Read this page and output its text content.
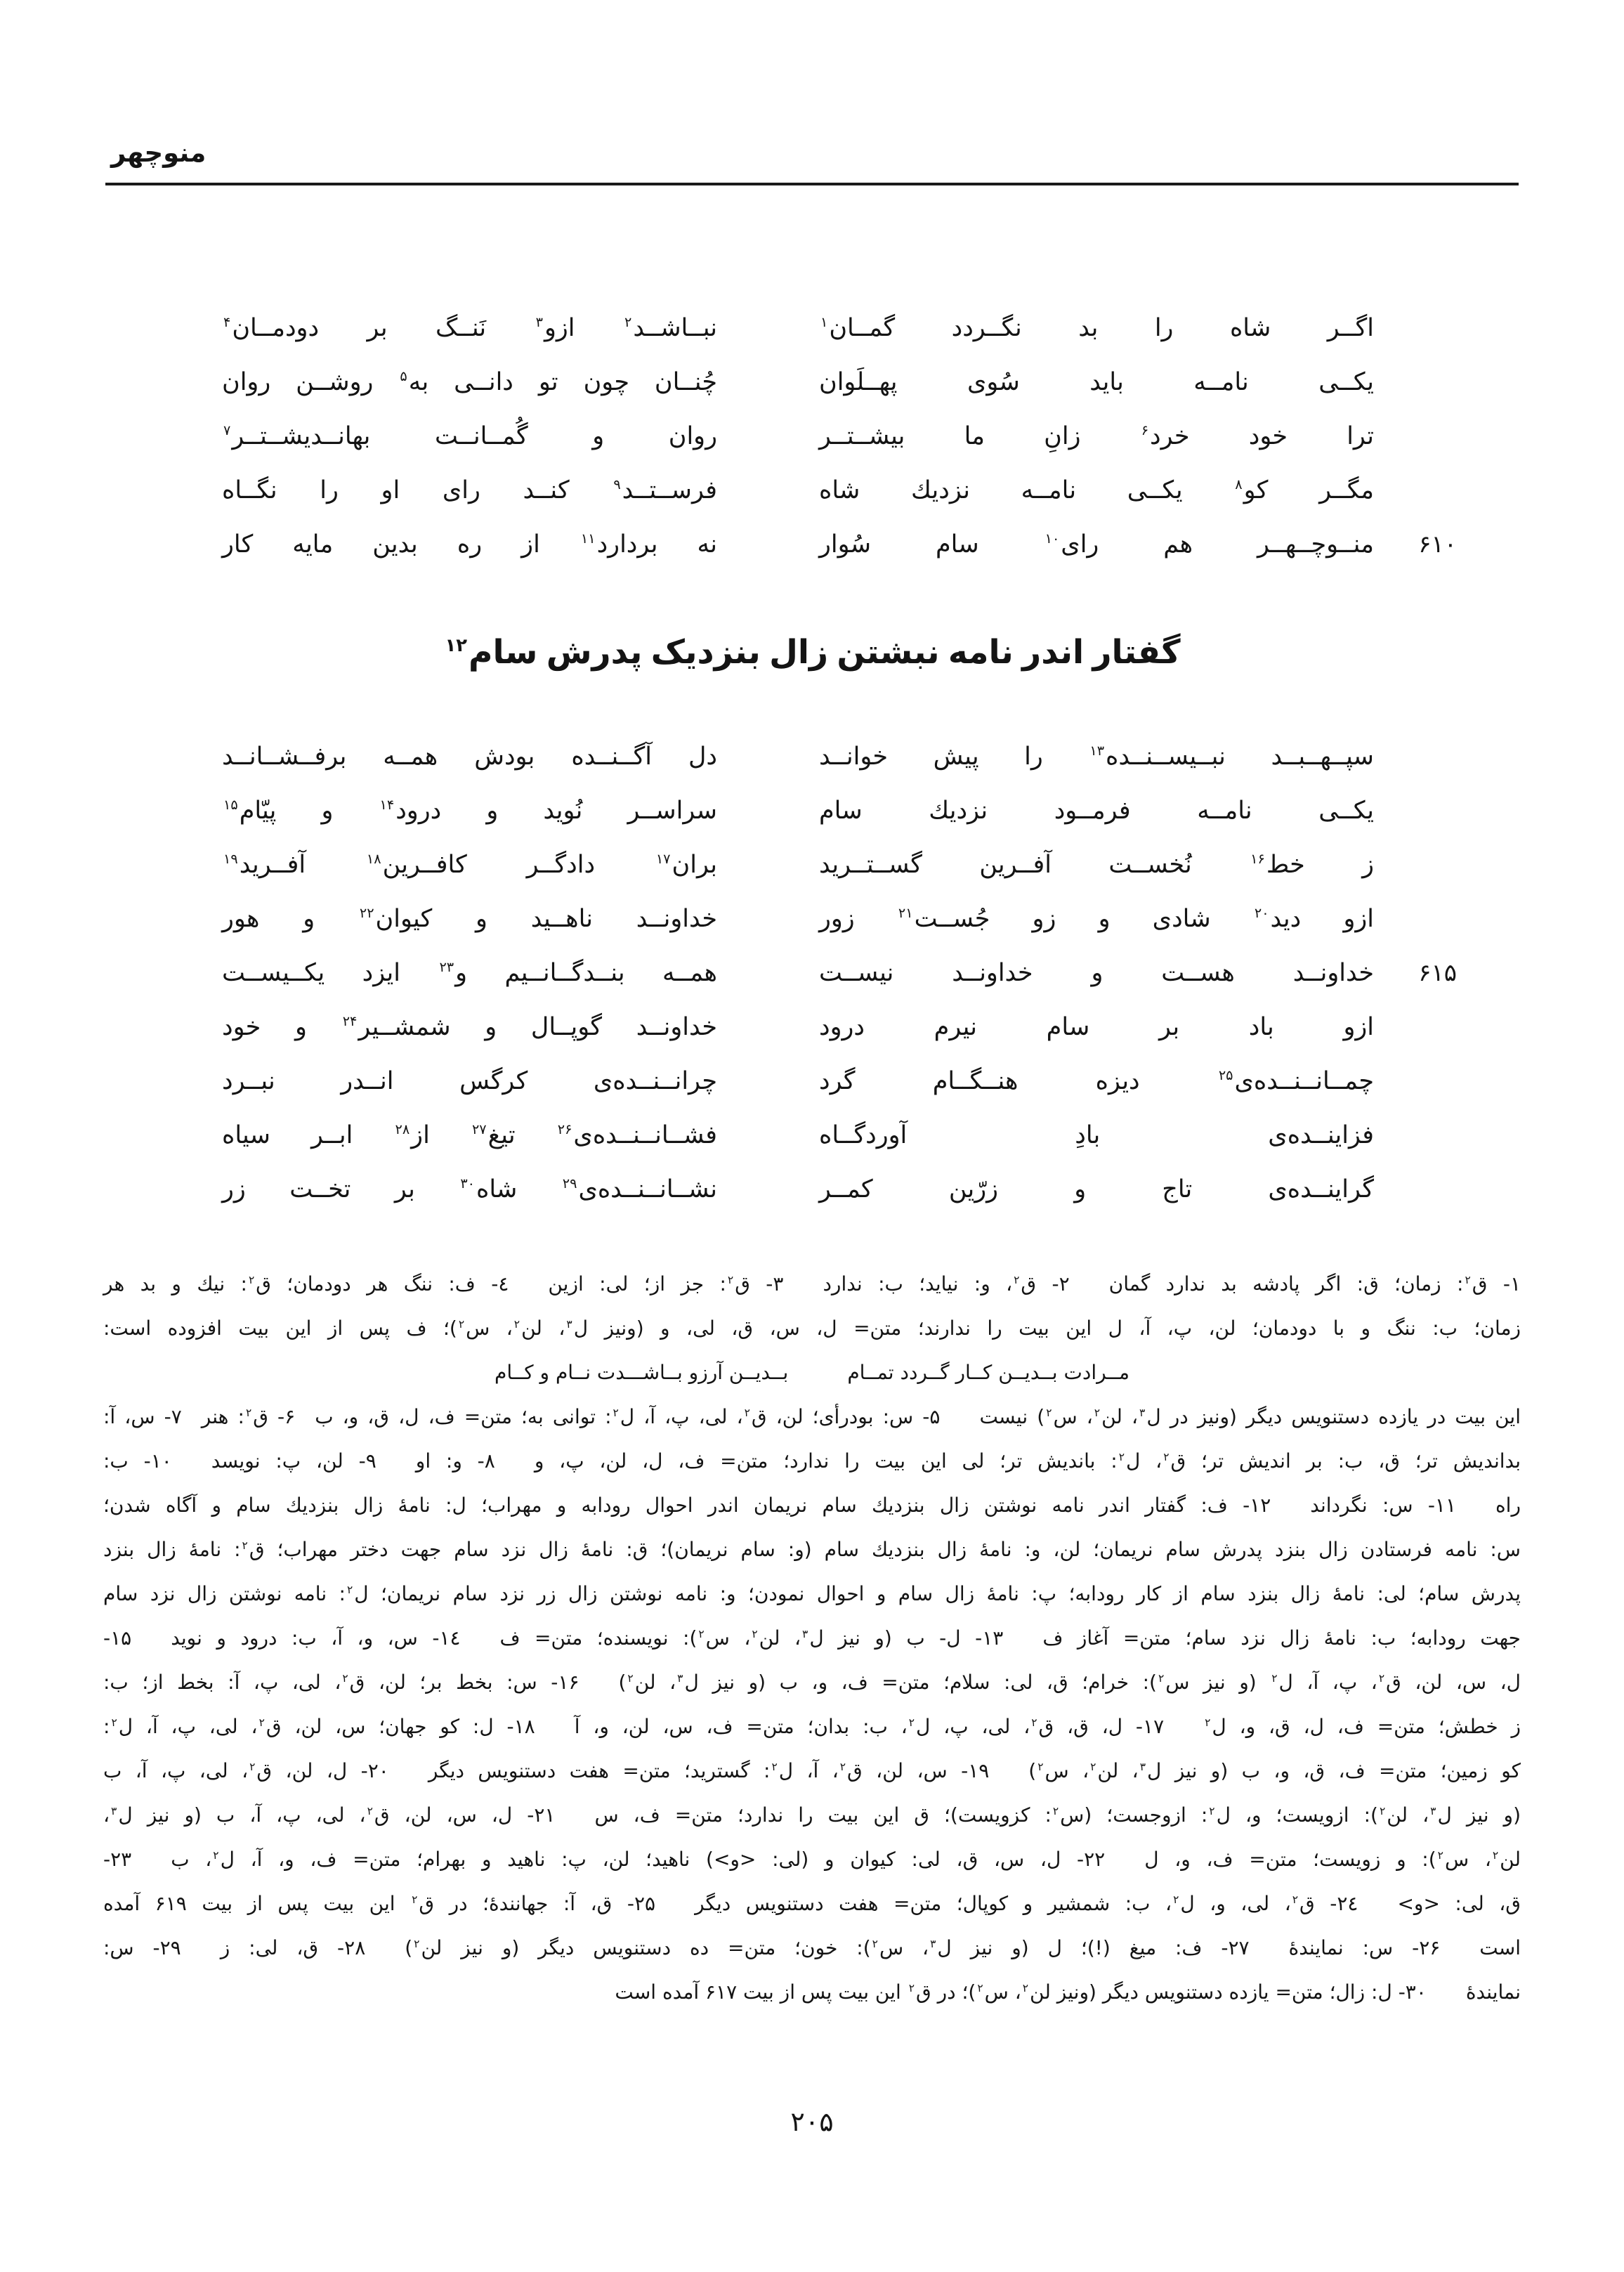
منوچهر
اگــر شاه را بد نگــردد گمــان$^۱$
نبــاشــد$^۲$ ازو$^۳$ نَنــگ بر دودمــان$^۴$
یکــی نامــه باید سُوی پهــلَوان
چُنــان چون تو دانــی به$^۵$ روشــن روان
ترا خود خرد$^۶$ زانِ ما بیشــتــر
روان و گُمــانــت بهانــدیشــتــر$^۷$
مگــر کو$^۸$ یکــی نامــه نزدیك شاه
فرســتــد$^۹$ کنــد رای او را نگــاه
۶۱۰
منــوچــهــر هم رای$^{۱۰}$ سام سُوار
نه بردارد$^{۱۱}$ از ره بدین مایه کار
گفتار اندر نامه نبشتن زال بنزدیک پدرش سام$^{۱۲}$
سپــهــبــد نبــیســنــده$^{۱۳}$ را پیش خوانــد
دل آگــنــده بودش همــه برفــشــانــد
یکــی نامــه فرمــود نزدیك سام
سراســر نُوید و درود$^{۱۴}$ و پیّام$^{۱۵}$
ز خط$^{۱۶}$ نُخســت آفــرین گســتــرید
بران$^{۱۷}$ دادگــر کافــرین$^{۱۸}$ آفــرید$^{۱۹}$
ازو دید$^{۲۰}$ شادی و زو جُســت$^{۲۱}$ زور
خداونــد ناهــید و کیوان$^{۲۲}$ و هور
۶۱۵
خداونــد هســت و خداونــد نیســت
همــه بنــدگــانــیم و$^{۲۳}$ ایزد یکــیســت
ازو باد بر سام نیرم درود
خداونــد گوپــال و شمشــیر$^{۲۴}$ و خود
چمــانــنــده‌ی$^{۲۵}$ دیزه هنــگــام گرد
چرانــنــده‌ی کرگس انــدر نبــرد
فزاینــده‌ی بادِ آوردگــاه
فشــانــنــده‌ی$^{۲۶}$ تیغ$^{۲۷}$ از$^{۲۸}$ ابــر سیاه
گراینــده‌ی تاج و زرّین کمــر
نشــانــنــده‌ی$^{۲۹}$ شاه$^{۳۰}$ بر تخــت زر
۱- ق$^۲$: زمان؛ ق: اگر پادشه بد ندارد گمان  ۲- ق$^۲$، و: نیاید؛ ب: ندارد  ۳- ق$^۲$: جز از؛ لی: ازین  ٤- ف: ننگ هر دودمان؛ ق$^۲$: نیك و بد هر
زمان؛ ب: ننگ و با دودمان؛ لن، پ، آ، ل این بیت را ندارند؛ متن= ل، س، ق، لی، و (ونیز ل$^۳$، لن$^۲$، س$^۲$)؛ ف پس از این بیت افزوده است:
مــرادت بــدیــن کــار گــردد تمــام   بــدیــن آرزو بــاشـــدت نــام و کــام
این بیت در یازده دستنویس دیگر (ونیز در ل$^۳$، لن$^۲$، س$^۲$) نیست  ۵- س: بودرأی؛ لن، ق$^۲$، لی، پ، آ، ل$^۲$: توانی به؛ متن= ف، ل، ق، و، ب ۶- ق$^۲$: هنر ۷- س، آ:
بداندیش تر؛ ق، ب: بر اندیش تر؛ ق$^۲$، ل$^۲$: باندیش تر؛ لی این بیت را ندارد؛ متن= ف، ل، لن، پ، و  ۸- و: او  ۹- لن، پ: نویسد  ۱۰- ب:
راه  ۱۱- س: نگرداند  ۱۲- ف: گفتار اندر نامه نوشتن زال بنزدیك سام نریمان اندر احوال رودابه و مهراب؛ ل: نامهٔ زال بنزدیك سام و آگاه شدن؛
س: نامه فرستادن زال بنزد پدرش سام نریمان؛ لن، و: نامهٔ زال بنزدیك سام (و: سام نریمان)؛ ق: نامهٔ زال نزد سام جهت دختر مهراب؛ ق$^۲$: نامهٔ زال بنزد
پدرش سام؛ لی: نامهٔ زال بنزد سام از کار رودابه؛ پ: نامهٔ زال سام و احوال نمودن؛ و: نامه نوشتن زال زر نزد سام نریمان؛ ل$^۲$: نامه نوشتن زال نزد سام
جهت رودابه؛ ب: نامهٔ زال نزد سام؛ متن= آغاز ف  ۱۳- ل- ب (و نیز ل$^۳$، لن$^۲$، س$^۲$): نویسنده؛ متن= ف  ۱٤- س، و، آ، ب: درود و نوید  ۱۵-
ل، س، لن، ق$^۲$، پ، آ، ل$^۲$ (و نیز س$^۲$): خرام؛ ق، لی: سلام؛ متن= ف، و، ب (و نیز ل$^۳$، لن$^۲$)  ۱۶- س: بخط بر؛ لن، ق$^۲$، لی، پ، آ: بخط از؛ ب:
ز خطش؛ متن= ف، ل، ق، و، ل$^۲$  ۱۷- ل، ق، ق$^۲$، لی، پ، ل$^۲$، ب: بدان؛ متن= ف، س، لن، و، آ  ۱۸- ل: کو جهان؛ س، لن، ق$^۲$، لی، پ، آ، ل$^۲$:
کو زمین؛ متن= ف، ق، و، ب (و نیز ل$^۳$، لن$^۲$، س$^۲$)  ۱۹- س، لن، ق$^۲$، آ، ل$^۲$: گسترید؛ متن= هفت دستنویس دیگر  ۲۰- ل، لن، ق$^۲$، لی، پ، آ، ب
(و نیز ل$^۳$، لن$^۲$): ازویست؛ و، ل$^۲$: ازوجست؛ (س$^۲$: کزویست)؛ ق این بیت را ندارد؛ متن= ف، س  ۲۱- ل، س، لن، ق$^۲$، لی، پ، آ، ب (و نیز ل$^۳$،
لن$^۲$، س$^۲$): و زویست؛ متن= ف، و، ل  ۲۲- ل، س، ق، لی: کیوان و (لی: <و>) ناهید؛ لن، پ: ناهید و بهرام؛ متن= ف، و، آ، ل$^۲$، ب  ۲۳-
ق، لی: <و>  ۲٤- ق$^۲$، لی، و، ل$^۲$، ب: شمشیر و کوپال؛ متن= هفت دستنویس دیگر  ۲۵- ق، آ: جهانندهٔ؛ در ق$^۲$ این بیت پس از بیت ۶۱۹ آمده
است  ۲۶- س: نمایندهٔ  ۲۷- ف: میغ (!)؛ ل (و نیز ل$^۳$، س$^۲$): خون؛ متن= ده دستنویس دیگر (و نیز لن$^۲$)  ۲۸- ق، لی: ز  ۲۹- س:
نمایندهٔ  ۳۰- ل: زال؛ متن= یازده دستنویس دیگر (ونیز لن$^۲$، س$^۲$)؛ در ق$^۲$ این بیت پس از بیت ۶۱۷ آمده است
۲۰۵
